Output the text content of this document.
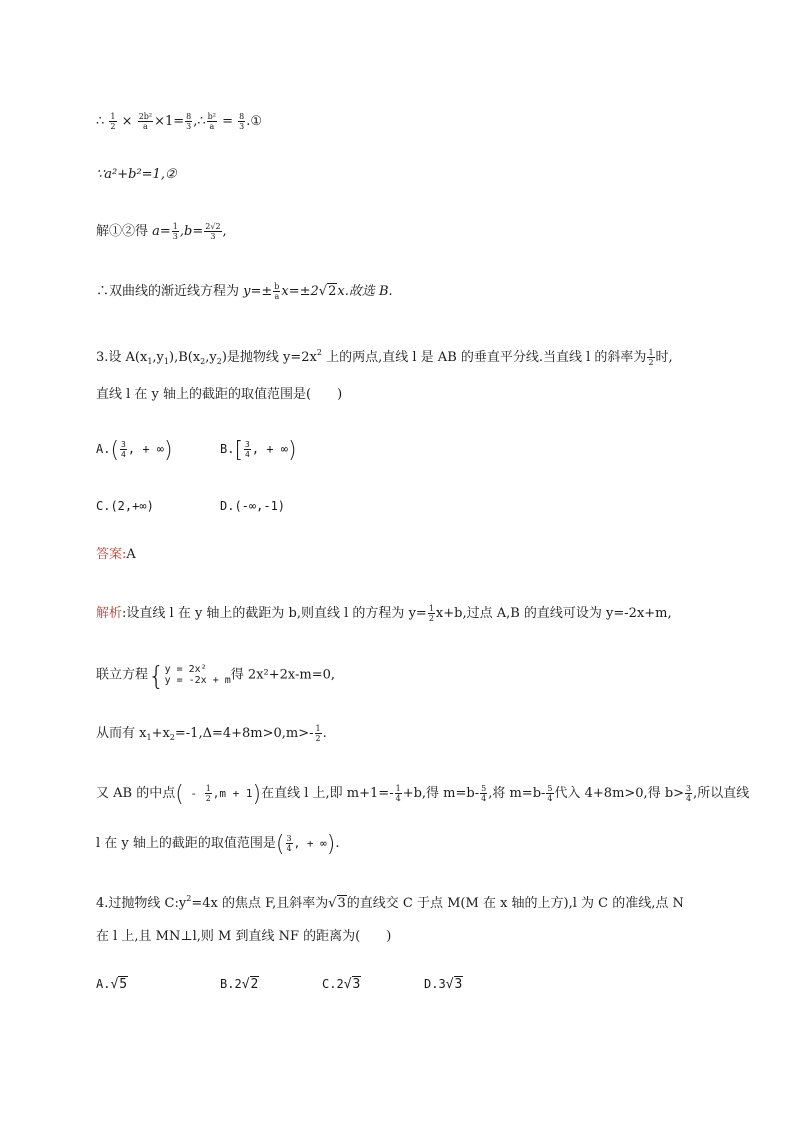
∴ $\frac{1}{2} \times \frac{\text{2b²}}{a} \times 1= \frac{8}{3}$ ,∴ $\frac{\text{b²}}{a} = \frac{8}{3}$ .①
∵a²+b²=1,②
解①②得 $a= \frac{1}{3} ,b= \frac{2√2}{3}$ ,
∴双曲线的渐近线方程为 $y=\pm \frac{b}{a} x=\pm 2√2x$.故选 B.
3.设 $A(x_1,y_1),B(x_2,y_2)$是抛物线 $y=2x^2$ 上的两点,直线 l 是 AB 的垂直平分线.当直线 l 的斜率为 $\frac{1}{2}$ 时,
直线 l 在 y 轴上的截距的取值范围是(　　)
$A.( \frac{3}{4}$ , + ∞)	$B.[ \frac{3}{4}$ , + ∞)
C.(2,+∞)	D.(-∞,-1)
答案:A
解析:设直线 l 在 y 轴上的截距为 b,则直线 l 的方程为 $y= \frac{1}{2} x+b$,过点 A,B 的直线可设为 y=-2x+m,
联立方程{ y = 2x²
y = -2x + m 得 2x²+2x-m=0,
从而有 $x_1+x_2=-1,\Delta=4+8m>0,m>- \frac{1}{2}$ .
又 AB 的中点( - $\frac{1}{2} ,m + 1$)在直线 l 上,即 $m+1=- \frac{1}{4} +b$,得 $m=b- \frac{5}{4}$ ,将 $m=b- \frac{5}{4}$ 代入 4+8m>0,得 $b> \frac{3}{4}$ ,所以直线
l 在 y 轴上的截距的取值范围是( $\frac{3}{4}$ , + ∞).
4.过抛物线 $C:y^2=4x$ 的焦点 F,且斜率为√3的直线交 C 于点 M(M 在 x 轴的上方),l 为 C 的准线,点 N
在 l 上,且 MN⊥l,则 M 到直线 NF 的距离为(　　)
A.√5	B.2√2	C.2√3	D.3√3
